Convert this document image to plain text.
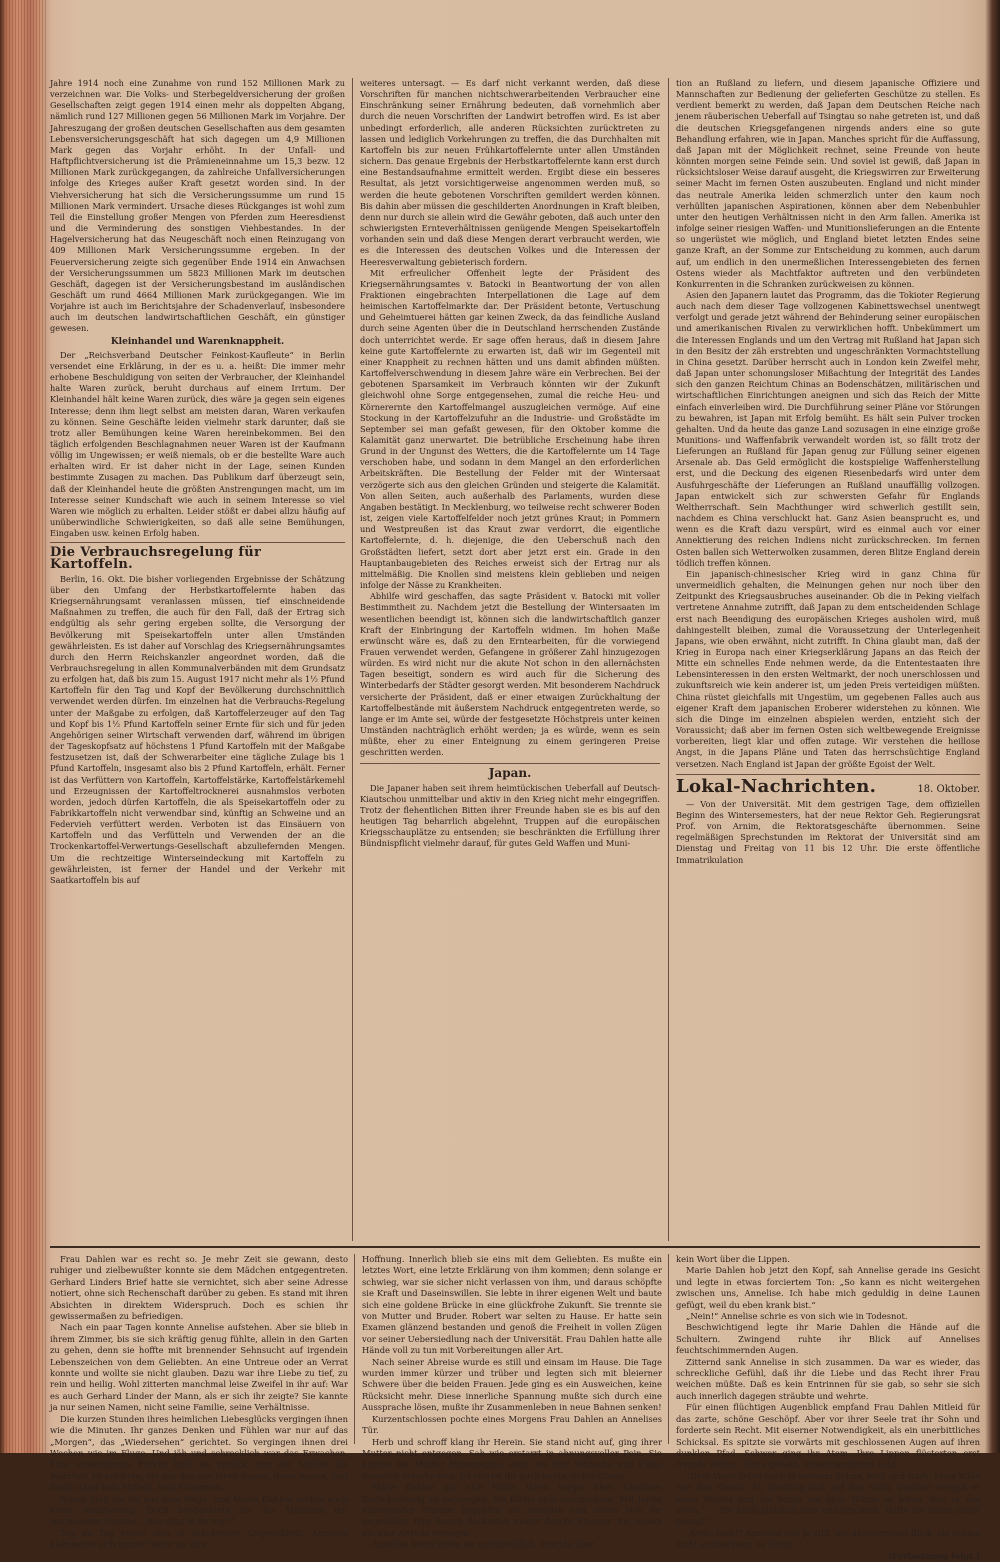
Jahre 1914 noch eine Zunahme von rund 152 Millionen Mark zu verzeichnen war. Die Volks- und Sterbegeldversicherung der großen Gesellschaften zeigt gegen 1914 einen mehr als doppelten Abgang, nämlich rund 127 Millionen gegen 56 Millionen Mark im Vorjahre. Der Jahreszugang der großen deutschen Gesellschaften aus dem gesamten Lebensversicherungsgeschäft hat sich dagegen um 4,9 Millionen Mark gegen das Vorjahr erhöht. In der Unfall- und Haftpflichtversicherung ist die Prämieneinnahme um 15,3 bezw. 12 Millionen Mark zurückgegangen, da zahlreiche Unfallversicherungen infolge des Krieges außer Kraft gesetzt worden sind. In der Viehversicherung hat sich die Versicherungssumme um rund 15 Millionen Mark vermindert. Ursache dieses Rückganges ist wohl zum Teil die Einstellung großer Mengen von Pferden zum Heeresdienst und die Verminderung des sonstigen Viehbestandes. In der Hagelversicherung hat das Neugeschäft noch einen Reinzugang von 409 Millionen Mark Versicherungssumme ergeben. In der Feuerversicherung zeigte sich gegenüber Ende 1914 ein Anwachsen der Versicherungssummen um 5823 Millionen Mark im deutschen Geschäft, dagegen ist der Versicherungsbestand im ausländischen Geschäft um rund 4664 Millionen Mark zurückgegangen. Wie im Vorjahre ist auch im Berichtsjahre der Schadenverlauf, insbesondere auch im deutschen landwirtschaftlichen Geschäft, ein günstiger gewesen.

Kleinhandel und Warenknappheit.

Der „Reichsverband Deutscher Feinkost-Kaufleute“ in Berlin versendet eine Erklärung, in der es u. a. heißt: Die immer mehr erhobene Beschuldigung von seiten der Verbraucher, der Kleinhandel halte Waren zurück, beruht durchaus auf einem Irrtum. Der Kleinhandel hält keine Waren zurück, dies wäre ja gegen sein eigenes Interesse; denn ihm liegt selbst am meisten daran, Waren verkaufen zu können. Seine Geschäfte leiden vielmehr stark darunter, daß sie trotz aller Bemühungen keine Waren hereinbekommen. Bei den täglich erfolgenden Beschlagnahmen neuer Waren ist der Kaufmann völlig im Ungewissen; er weiß niemals, ob er die bestellte Ware auch erhalten wird. Er ist daher nicht in der Lage, seinen Kunden bestimmte Zusagen zu machen. Das Publikum darf überzeugt sein, daß der Kleinhandel heute die größten Anstrengungen macht, um im Interesse seiner Kundschaft wie auch in seinem Interesse so viel Waren wie möglich zu erhalten. Leider stößt er dabei allzu häufig auf unüberwindliche Schwierigkeiten, so daß alle seine Bemühungen, Eingaben usw. keinen Erfolg haben.

Die Verbrauchsregelung für Kartoffeln.

Berlin, 16. Okt. Die bisher vorliegenden Ergebnisse der Schätzung über den Umfang der Herbstkartoffelernte haben das Kriegsernährungsamt veranlassen müssen, tief einschneidende Maßnahmen zu treffen, die auch für den Fall, daß der Ertrag sich endgültig als sehr gering ergeben sollte, die Versorgung der Bevölkerung mit Speisekartoffeln unter allen Umständen gewährleisten. Es ist daher auf Vorschlag des Kriegsernährungsamtes durch den Herrn Reichskanzler angeordnet worden, daß die Verbrauchsregelung in allen Kommunalverbänden mit dem Grundsatz zu erfolgen hat, daß bis zum 15. August 1917 nicht mehr als 1½ Pfund Kartoffeln für den Tag und Kopf der Bevölkerung durchschnittlich verwendet werden dürfen. Im einzelnen hat die Verbrauchs-Regelung unter der Maßgabe zu erfolgen, daß Kartoffelerzeuger auf den Tag und Kopf bis 1½ Pfund Kartoffeln seiner Ernte für sich und für jeden Angehörigen seiner Wirtschaft verwenden darf, während im übrigen der Tageskopfsatz auf höchstens 1 Pfund Kartoffeln mit der Maßgabe festzusetzen ist, daß der Schwerarbeiter eine tägliche Zulage bis 1 Pfund Kartoffeln, insgesamt also bis 2 Pfund Kartoffeln, erhält. Ferner ist das Verfüttern von Kartoffeln, Kartoffelstärke, Kartoffelstärkemehl und Erzeugnissen der Kartoffeltrocknerei ausnahmslos verboten worden, jedoch dürfen Kartoffeln, die als Speisekartoffeln oder zu Fabrikkartoffeln nicht verwendbar sind, künftig an Schweine und an Federvieh verfüttert werden. Verboten ist das Einsäuern von Kartoffeln und das Verfütteln und Verwenden der an die Trockenkartoffel-Verwertungs-Gesellschaft abzuliefernden Mengen. Um die rechtzeitige Winterseindeckung mit Kartoffeln zu gewährleisten, ist ferner der Handel und der Verkehr mit Saatkartoffeln bis auf

weiteres untersagt. — Es darf nicht verkannt werden, daß diese Vorschriften für manchen nichtschwerarbeitenden Verbraucher eine Einschränkung seiner Ernährung bedeuten, daß vornehmlich aber durch die neuen Vorschriften der Landwirt betroffen wird. Es ist aber unbedingt erforderlich, alle anderen Rücksichten zurücktreten zu lassen und lediglich Vorkehrungen zu treffen, die das Durchhalten mit Kartoffeln bis zur neuen Frühkartoffelernte unter allen Umständen sichern. Das genaue Ergebnis der Herbstkartoffelernte kann erst durch eine Bestandsaufnahme ermittelt werden. Ergibt diese ein besseres Resultat, als jetzt vorsichtigerweise angenommen werden muß, so werden die heute gebotenen Vorschriften gemildert werden können. Bis dahin aber müssen die geschilderten Anordnungen in Kraft bleiben, denn nur durch sie allein wird die Gewähr geboten, daß auch unter den schwierigsten Ernteverhältnissen genügende Mengen Speisekartoffeln vorhanden sein und daß diese Mengen derart verbraucht werden, wie es die Interessen des deutschen Volkes und die Interessen der Heeresverwaltung gebieterisch fordern.

Mit erfreulicher Offenheit legte der Präsident des Kriegsernährungsamtes v. Batocki in Beantwortung der von allen Fraktionen eingebrachten Interpellationen die Lage auf dem heimischen Kartoffelmarkte dar. Der Präsident betonte, Vertuschung und Geheimtuerei hätten gar keinen Zweck, da das feindliche Ausland durch seine Agenten über die in Deutschland herrschenden Zustände doch unterrichtet werde. Er sage offen heraus, daß in diesem Jahre keine gute Kartoffelernte zu erwarten ist, daß wir im Gegenteil mit einer Knappheit zu rechnen hätten und uns damit abfinden müßten. Kartoffelverschwendung in diesem Jahre wäre ein Verbrechen. Bei der gebotenen Sparsamkeit im Verbrauch könnten wir der Zukunft gleichwohl ohne Sorge entgegensehen, zumal die reiche Heu- und Körnerernte den Kartoffelmangel auszugleichen vermöge. Auf eine Stockung in der Kartoffelzufuhr an die Industrie- und Großstädte im September sei man gefaßt gewesen, für den Oktober komme die Kalamität ganz unerwartet. Die betrübliche Erscheinung habe ihren Grund in der Ungunst des Wetters, die die Kartoffelernte um 14 Tage verschoben habe, und sodann in dem Mangel an den erforderlichen Arbeitskräften. Die Bestellung der Felder mit der Wintersaat verzögerte sich aus den gleichen Gründen und steigerte die Kalamität. Von allen Seiten, auch außerhalb des Parlaments, wurden diese Angaben bestätigt. In Mecklenburg, wo teilweise recht schwerer Boden ist, zeigen viele Kartoffelfelder noch jetzt grünes Kraut; in Pommern und Westpreußen ist das Kraut zwar verdorrt, die eigentliche Kartoffelernte, d. h. diejenige, die den Ueberschuß nach den Großstädten liefert, setzt dort aber jetzt erst ein. Grade in den Hauptanbaugebieten des Reiches erweist sich der Ertrag nur als mittelmäßig. Die Knollen sind meistens klein geblieben und neigen infolge der Nässe zu Krankheiten.

Abhilfe wird geschaffen, das sagte Präsident v. Batocki mit voller Bestimmtheit zu. Nachdem jetzt die Bestellung der Wintersaaten im wesentlichen beendigt ist, können sich die landwirtschaftlich ganzer Kraft der Einbringung der Kartoffeln widmen. Im hohen Maße erwünscht wäre es, daß zu den Erntearbeiten, für die vorwiegend Frauen verwendet werden, Gefangene in größerer Zahl hinzugezogen würden. Es wird nicht nur die akute Not schon in den allernächsten Tagen beseitigt, sondern es wird auch für die Sicherung des Winterbedarfs der Städter gesorgt werden. Mit besonderem Nachdruck versicherte der Präsident, daß er einer etwaigen Zurückhaltung der Kartoffelbestände mit äußerstem Nachdruck entgegentreten werde, so lange er im Amte sei, würde der festgesetzte Höchstpreis unter keinen Umständen nachträglich erhöht werden; ja es würde, wenn es sein müßte, eher zu einer Enteignung zu einem geringeren Preise geschritten werden.

Japan.

Die Japaner haben seit ihrem heimtückischen Ueberfall auf Deutsch-Kiautschou unmittelbar und aktiv in den Krieg nicht mehr eingegriffen. Trotz der flehentlichen Bitten ihrer Freunde haben sie es bis auf den heutigen Tag beharrlich abgelehnt, Truppen auf die europäischen Kriegsschauplätze zu entsenden; sie beschränkten die Erfüllung ihrer Bündnispflicht vielmehr darauf, für gutes Geld Waffen und Muni-

tion an Rußland zu liefern, und diesem japanische Offiziere und Mannschaften zur Bedienung der gelieferten Geschütze zu stellen. Es verdient bemerkt zu werden, daß Japan dem Deutschen Reiche nach jenem räuberischen Ueberfall auf Tsingtau so nahe getreten ist, und daß die deutschen Kriegsgefangenen nirgends anders eine so gute Behandlung erfahren, wie in Japan. Manches spricht für die Auffassung, daß Japan mit der Möglichkeit rechnet, seine Freunde von heute könnten morgen seine Feinde sein. Und soviel ist gewiß, daß Japan in rücksichtsloser Weise darauf ausgeht, die Kriegswirren zur Erweiterung seiner Macht im fernen Osten auszubeuten. England und nicht minder das neutrale Amerika leiden schmerzlich unter den kaum noch verhüllten japanischen Aspirationen, können aber dem Nebenbuhler unter den heutigen Verhältnissen nicht in den Arm fallen. Amerika ist infolge seiner riesigen Waffen- und Munitionslieferungen an die Entente so ungerüstet wie möglich, und England bietet letzten Endes seine ganze Kraft, an der Somme zur Entscheidung zu kommen, auch darum auf, um endlich in den unermeßlichen Interessengebieten des fernen Ostens wieder als Machtfaktor auftreten und den verbündeten Konkurrenten in die Schranken zurückweisen zu können.

Asien den Japanern lautet das Programm, das die Tokioter Regierung auch nach dem dieser Tage vollzogenen Kabinettswechsel unentwegt verfolgt und gerade jetzt während der Behinderung seiner europäischen und amerikanischen Rivalen zu verwirklichen hofft. Unbekümmert um die Interessen Englands und um den Vertrag mit Rußland hat Japan sich in den Besitz der zäh erstrebten und ungeschränkten Vormachtstellung in China gesetzt. Darüber herrscht auch in London kein Zweifel mehr, daß Japan unter schonungsloser Mißachtung der Integrität des Landes sich den ganzen Reichtum Chinas an Bodenschätzen, militärischen und wirtschaftlichen Einrichtungen aneignen und sich das Reich der Mitte einfach einverleiben wird. Die Durchführung seiner Pläne vor Störungen zu bewahren, ist Japan mit Erfolg bemüht. Es hält sein Pulver trocken gehalten. Und da heute das ganze Land sozusagen in eine einzige große Munitions- und Waffenfabrik verwandelt worden ist, so fällt trotz der Lieferungen an Rußland für Japan genug zur Füllung seiner eigenen Arsenale ab. Das Geld ermöglicht die kostspielige Waffenherstellung erst, und die Deckung des eigenen Riesenbedarfs wird unter dem Ausfuhrgeschäfte der Lieferungen an Rußland unauffällig vollzogen. Japan entwickelt sich zur schwersten Gefahr für Englands Weltherrschaft. Sein Machthunger wird schwerlich gestillt sein, nachdem es China verschluckt hat. Ganz Asien beansprucht es, und wenn es die Kraft dazu verspürt, wird es einmal auch vor einer Annektierung des reichen Indiens nicht zurückschrecken. Im fernen Osten ballen sich Wetterwolken zusammen, deren Blitze England derein tödlich treffen können.

Ein japanisch-chinesischer Krieg wird in ganz China für unvermeidlich gehalten, die Meinungen gehen nur noch über den Zeitpunkt des Kriegsausbruches auseinander. Ob die in Peking vielfach vertretene Annahme zutrifft, daß Japan zu dem entscheidenden Schlage erst nach Beendigung des europäischen Krieges ausholen wird, muß dahingestellt bleiben, zumal die Voraussetzung der Unterlegenheit Japans, wie oben erwähnt, nicht zutrifft. In China glaubt man, daß der Krieg in Europa nach einer Kriegserklärung Japans an das Reich der Mitte ein schnelles Ende nehmen werde, da die Ententestaaten ihre Lebensinteressen in den ersten Weltmarkt, der noch unerschlossen und zukunftsreich wie kein anderer ist, um jeden Preis verteidigen müßten. China rüstet gleichfalls mit Ungestüm, um gegebenen Falles auch aus eigener Kraft dem japanischen Eroberer widerstehen zu können. Wie sich die Dinge im einzelnen abspielen werden, entzieht sich der Voraussicht; daß aber im fernen Osten sich weltbewegende Ereignisse vorbereiten, liegt klar und offen zutage. Wir verstehen die heillose Angst, in die Japans Pläne und Taten das herrschsüchtige England versetzen. Nach England ist Japan der größte Egoist der Welt.

Lokal-Nachrichten.	18. Oktober.

— Von der Universität. Mit dem gestrigen Tage, dem offiziellen Beginn des Wintersemesters, hat der neue Rektor Geh. Regierungsrat Prof. von Arnim, die Rektoratsgeschäfte übernommen. Seine regelmäßigen Sprechstunden im Rektorat der Universität sind am Dienstag und Freitag von 11 bis 12 Uhr. Die erste öffentliche Immatrikulation

Frau Dahlen war es recht so. Je mehr Zeit sie gewann, desto ruhiger und zielbewußter konnte sie dem Mädchen entgegentreten. Gerhard Linders Brief hatte sie vernichtet, sich aber seine Adresse notiert, ohne sich Rechenschaft darüber zu geben. Es stand mit ihren Absichten in direktem Widerspruch. Doch es schien ihr gewissermaßen zu befriedigen.

Nach ein paar Tagen konnte Annelise aufstehen. Aber sie blieb in ihrem Zimmer, bis sie sich kräftig genug fühlte, allein in den Garten zu gehen, denn sie hoffte mit brennender Sehnsucht auf irgendein Lebenszeichen von dem Geliebten. An eine Untreue oder an Verrat konnte und wollte sie nicht glauben. Dazu war ihre Liebe zu tief, zu rein und heilig. Wohl zitterten manchmal leise Zweifel in ihr auf: War es auch Gerhard Linder der Mann, als er sich ihr zeigte? Sie kannte ja nur seinen Namen, nicht seine Familie, seine Verhältnisse.

Die kurzen Stunden ihres heimlichen Liebesglücks vergingen ihnen wie die Minuten. Ihr ganzes Denken und Fühlen war nur auf das „Morgen“, das „Wiedersehen“ gerichtet. So vergingen ihnen drei Wochen wie im Fluge. Und jäh und schrecklich war das Erwachen. Eine unbestimmte Furcht hielt sie zurück, von der Mutter die Wahrheit zu erfahren, sie sah das aus ihren Augen, ihren Augen, und darin stand kein Mitleid, kein Erbarmen.

Scheu ging sie ihr aus dem Wege, und Marie Dahlen suchte auch keine Annäherung. Doch beobachtete sie das Mädchen mit wachsender Unruhe. „Was ging in ihr vor?“

Tag an Tag reihte sich in drückender Ungewißheit. Annelise klammerte sich immer fester an ihre

Hoffnung. Innerlich blieb sie eins mit dem Geliebten. Es mußte ein letztes Wort, eine letzte Erklärung von ihm kommen; denn solange er schwieg, war sie sicher nicht verlassen von ihm, und daraus schöpfte sie Kraft und Daseinswillen. Sie lebte in ihrer eigenen Welt und baute sich eine goldene Brücke in eine glückfrohe Zukunft. Sie trennte sie von Mutter und Bruder. Robert war selten zu Hause. Er hatte sein Examen glänzend bestanden und genoß die Freiheit in vollen Zügen vor seiner Uebersiedlung nach der Universität. Frau Dahlen hatte alle Hände voll zu tun mit Vorbereitungen aller Art.

Nach seiner Abreise wurde es still und einsam im Hause. Die Tage wurden immer kürzer und trüber und legten sich mit bleierner Schwere über die beiden Frauen. Jede ging es ein Ausweichen, keine Rücksicht mehr. Diese innerliche Spannung mußte sich durch eine Aussprache lösen, mußte ihr Zusammenleben in neue Bahnen senken!

Kurzentschlossen pochte eines Morgens Frau Dahlen an Annelises Tür.

Herb und schroff klang ihr Herein. Sie stand nicht auf, ging ihrer Mutter nicht entgegen. Sah wie erstarrt in ahnungsvoller Pein. Sie kannte der Mutter Mienenspiel, wenn sie ihre Wünsche und Pläne innerlich verarbeitete. Es verriet ihr auch heute nichts Gutes.

Marie Dahlen gab sich Mühe, ihren Aerger über Annelises Zurückhaltung zu verbergen. Sie fühlte sich durchschaut. Mit leicht vibrierender Stimme begrüßte sie Annelise und setzte sich ihr gegenüber. Ihre Augen flackerten unstet durchs Zimmer. Sie schien um eine Anrede verlegen.

Annelise betrachtete sie nachdenklich, brachte aber

kein Wort über die Lippen.

Marie Dahlen hob jetzt den Kopf, sah Annelise gerade ins Gesicht und legte in etwas forciertem Ton: „So kann es nicht weitergehen zwischen uns, Annelise. Ich habe mich geduldig in deine Launen gefügt, weil du eben krank bist.“

„Nein!“ Annelise schrie es von sich wie in Todesnot.

Beschwichtigend legte ihr Marie Dahlen die Hände auf die Schultern. Zwingend ruhte ihr Blick auf Annelises feuchtschimmernden Augen.

Zitternd sank Annelise in sich zusammen. Da war es wieder, das schreckliche Gefühl, daß ihr die Liebe und das Recht ihrer Frau weichen müßte. Daß es kein Entrinnen für sie gab, so sehr sie sich auch innerlich dagegen sträubte und wehrte.

Für einen flüchtigen Augenblick empfand Frau Dahlen Mitleid für das zarte, schöne Geschöpf. Aber vor ihrer Seele trat ihr Sohn und forderte sein Recht. Mit eiserner Notwendigkeit, als ein unerbittliches Schicksal. Es spitzte sie vorwärts mit geschlossenen Augen auf ihren dunklen Pfad. Schwer ging ihr Atem. Ihre Lippen flüsterten erst fremde Worte: „Von eigenem, unverstandenem Leid.“

„Dein Vater liebte mich in meinem Sohne, heiß und stark. Mein Wille war ihm Gesetz. Es übertrug sich auf den Sohn. Darüber vergaß er seine Mutter und die Sorge um dich. Würde er leben, täte er das selbe.“ — Sie blieb plötzlich inne und erschrak. Hatte sie schon zuviel gesagt?

„Nein, nein!“ Annelise saß ja still, mit abwesendem Blick, sie schien nicht aufmerksam zu hören.

(Fortsetzung folgt.)
